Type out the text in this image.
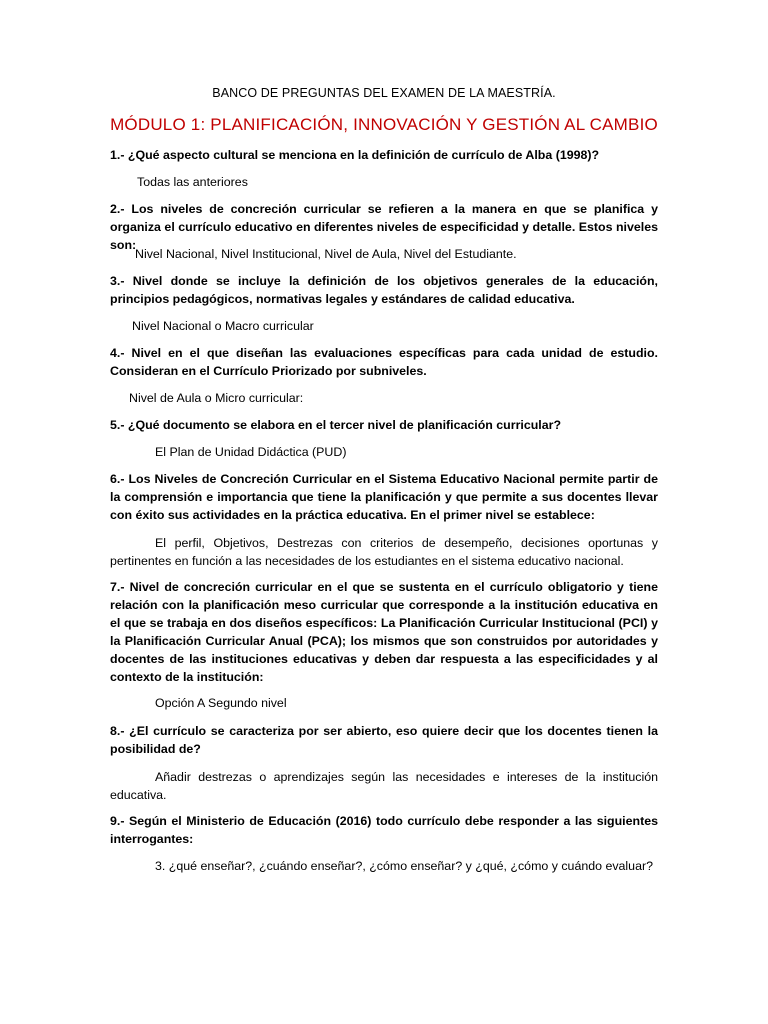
BANCO DE PREGUNTAS DEL EXAMEN DE LA MAESTRÍA.
MÓDULO 1: PLANIFICACIÓN, INNOVACIÓN Y GESTIÓN AL CAMBIO
1.- ¿Qué aspecto cultural se menciona en la definición de currículo de Alba (1998)?
Todas las anteriores
2.- Los niveles de concreción curricular se refieren a la manera en que se planifica y organiza el currículo educativo en diferentes niveles de especificidad y detalle. Estos niveles son:
Nivel Nacional, Nivel Institucional, Nivel de Aula, Nivel del Estudiante.
3.- Nivel donde se incluye la definición de los objetivos generales de la educación, principios pedagógicos, normativas legales y estándares de calidad educativa.
Nivel Nacional o Macro curricular
4.- Nivel en el que diseñan las evaluaciones específicas para cada unidad de estudio. Consideran en el Currículo Priorizado por subniveles.
Nivel de Aula o Micro curricular:
5.- ¿Qué documento se elabora en el tercer nivel de planificación curricular?
El Plan de Unidad Didáctica (PUD)
6.- Los Niveles de Concreción Curricular en el Sistema Educativo Nacional permite partir de la comprensión e importancia que tiene la planificación y que permite a sus docentes llevar con éxito sus actividades en la práctica educativa. En el primer nivel se establece:
El perfil, Objetivos, Destrezas con criterios de desempeño, decisiones oportunas y pertinentes en función a las necesidades de los estudiantes en el sistema educativo nacional.
7.- Nivel de concreción curricular en el que se sustenta en el currículo obligatorio y tiene relación con la planificación meso curricular que corresponde a la institución educativa en el que se trabaja en dos diseños específicos: La Planificación Curricular Institucional (PCI) y la Planificación Curricular Anual (PCA); los mismos que son construidos por autoridades y docentes de las instituciones educativas y deben dar respuesta a las especificidades y al contexto de la institución:
Opción A Segundo nivel
8.- ¿El currículo se caracteriza por ser abierto, eso quiere decir que los docentes tienen la posibilidad de?
Añadir destrezas o aprendizajes según las necesidades e intereses de la institución educativa.
9.- Según el Ministerio de Educación (2016) todo currículo debe responder a las siguientes interrogantes:
3. ¿qué enseñar?, ¿cuándo enseñar?, ¿cómo enseñar? y ¿qué, ¿cómo y cuándo evaluar?
